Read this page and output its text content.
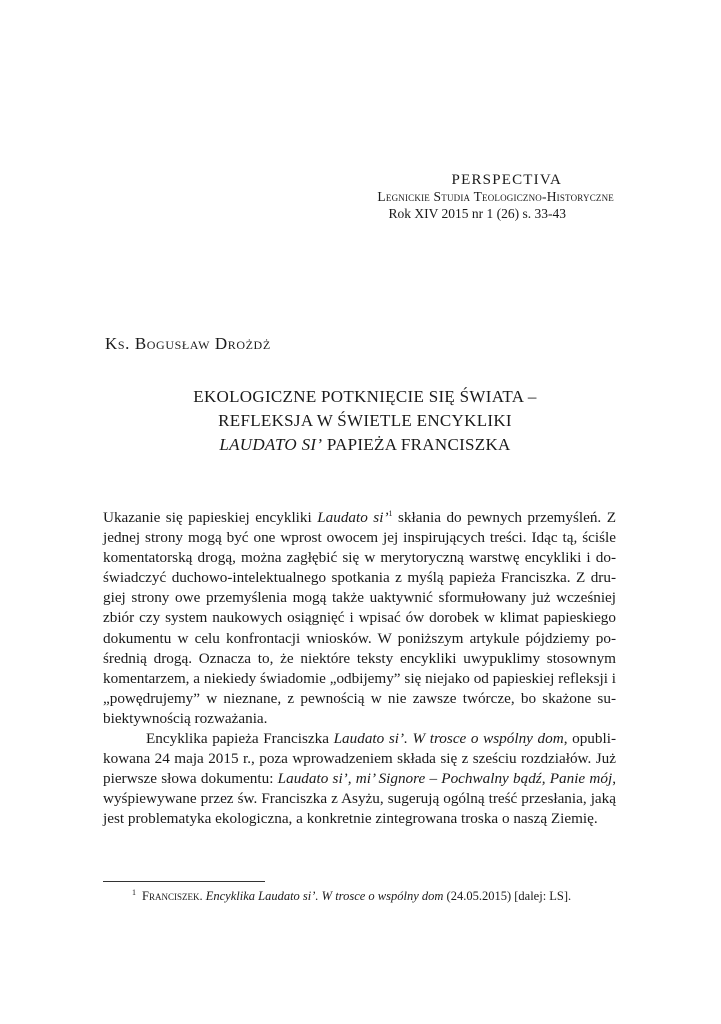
perspectiva
Legnickie Studia Teologiczno-Historyczne
Rok XIV 2015 nr 1 (26) s. 33-43
Ks. Bogusław Drożdż
EKOLOGICZNE POTKNIĘCIE SIĘ ŚWIATA –
REFLEKSJA W ŚWIETLE ENCYKLIKI
LAUDATO SI’ PAPIEŻA FRANCISZKA

Ukazanie się papieskiej encykliki Laudato si’$^1$ skłania do pewnych przemyśleń. Z jednej strony mogą być one wprost owocem jej inspirujących treści. Idąc tą, ściśle komentatorską drogą, można zagłębić się w merytoryczną warstwę encykliki i doświadczyć duchowo-intelektualnego spotkania z myślą papieża Franciszka. Z drugiej strony owe przemyślenia mogą także uaktywnić sformułowany już wcześniej zbiór czy system naukowych osiągnięć i wpisać ów dorobek w klimat papieskiego dokumentu w celu konfrontacji wniosków. W poniższym artykule pójdziemy pośrednią drogą. Oznacza to, że niektóre teksty encykliki uwypuklimy stosownym komentarzem, a niekiedy świadomie „odbijemy” się niejako od papieskiej refleksji i „powędrujemy” w nieznane, z pewnością w nie zawsze twórcze, bo skażone subiektywnością rozważania.

Encyklika papieża Franciszka Laudato si’. W trosce o wspólny dom, opublikowana 24 maja 2015 r., poza wprowadzeniem składa się z sześciu rozdziałów. Już pierwsze słowa dokumentu: Laudato si’, mi’ Signore – Pochwalny bądź, Panie mój, wyśpiewywane przez św. Franciszka z Asyżu, sugerują ogólną treść przesłania, jaką jest problematyka ekologiczna, a konkretnie zintegrowana troska o naszą Ziemię.

$^1$ Franciszek. Encyklika Laudato si’. W trosce o wspólny dom (24.05.2015) [dalej: LS].
